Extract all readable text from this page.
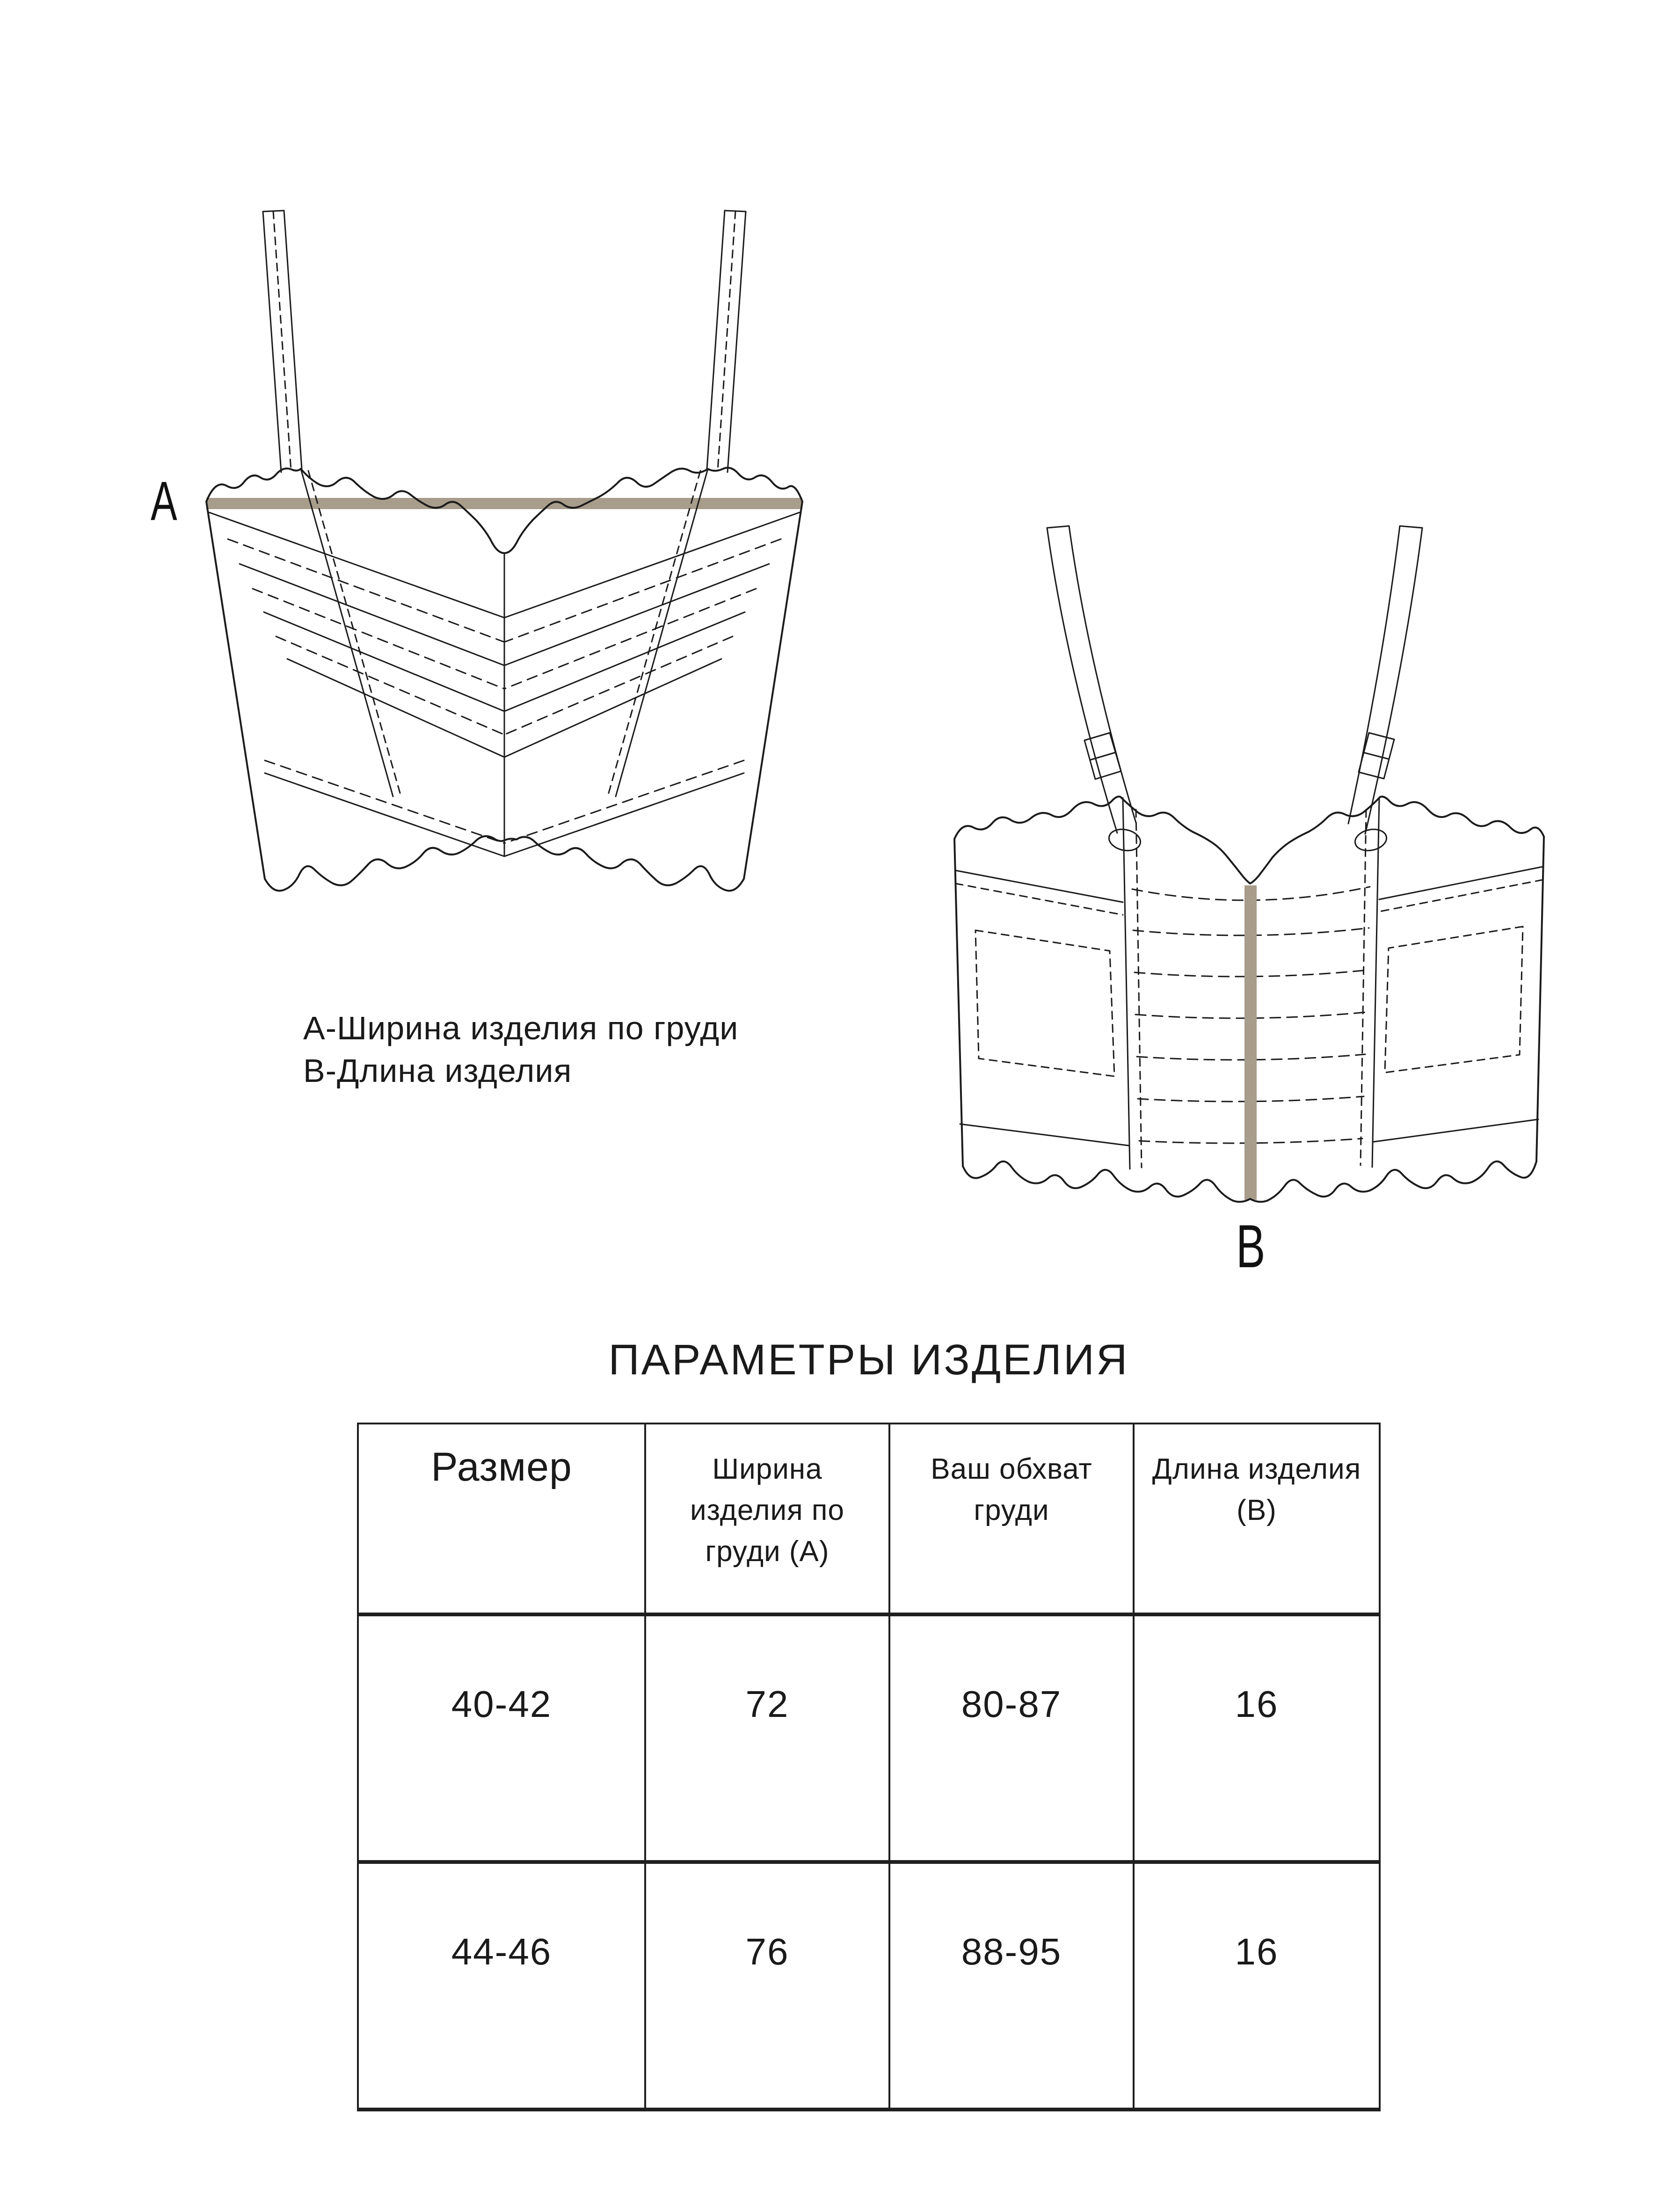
А
В
А-Ширина изделия по груди
В-Длина изделия
ПАРАМЕТРЫ ИЗДЕЛИЯ
Размер	Ширина изделия по груди (А)	Ваш обхват груди	Длина изделия (В)
40-42	72	80-87	16
44-46	76	88-95	16
